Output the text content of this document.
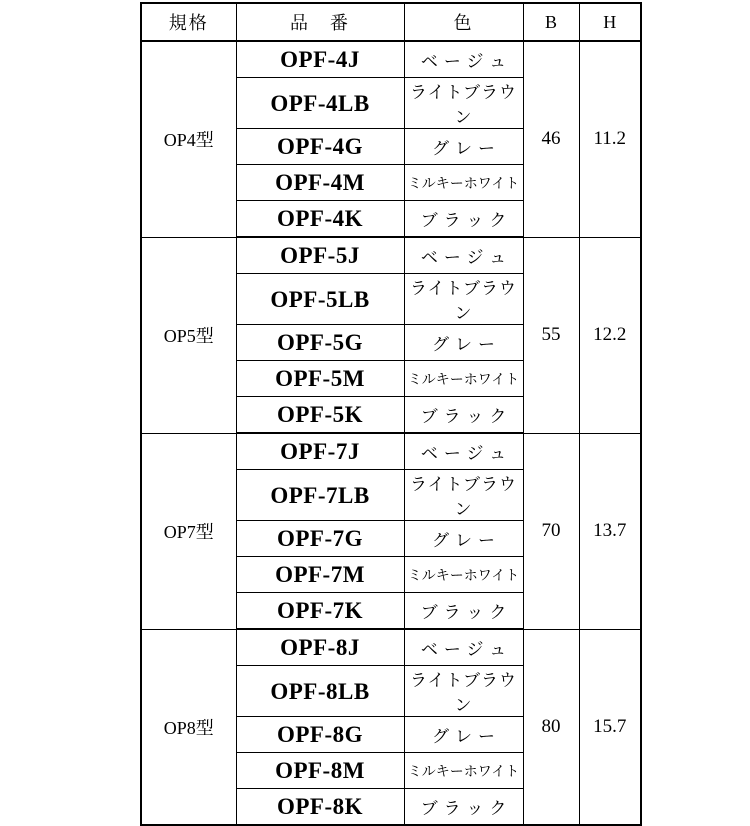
規格	品　番	色	B	H
OP4型	OPF-4J	ベージュ	46	11.2
	OPF-4LB	ライトブラウン		
	OPF-4G	グレー		
	OPF-4M	ミルキーホワイト		
	OPF-4K	ブラック		
OP5型	OPF-5J	ベージュ	55	12.2
	OPF-5LB	ライトブラウン		
	OPF-5G	グレー		
	OPF-5M	ミルキーホワイト		
	OPF-5K	ブラック		
OP7型	OPF-7J	ベージュ	70	13.7
	OPF-7LB	ライトブラウン		
	OPF-7G	グレー		
	OPF-7M	ミルキーホワイト		
	OPF-7K	ブラック		
OP8型	OPF-8J	ベージュ	80	15.7
	OPF-8LB	ライトブラウン		
	OPF-8G	グレー		
	OPF-8M	ミルキーホワイト		
	OPF-8K	ブラック		
